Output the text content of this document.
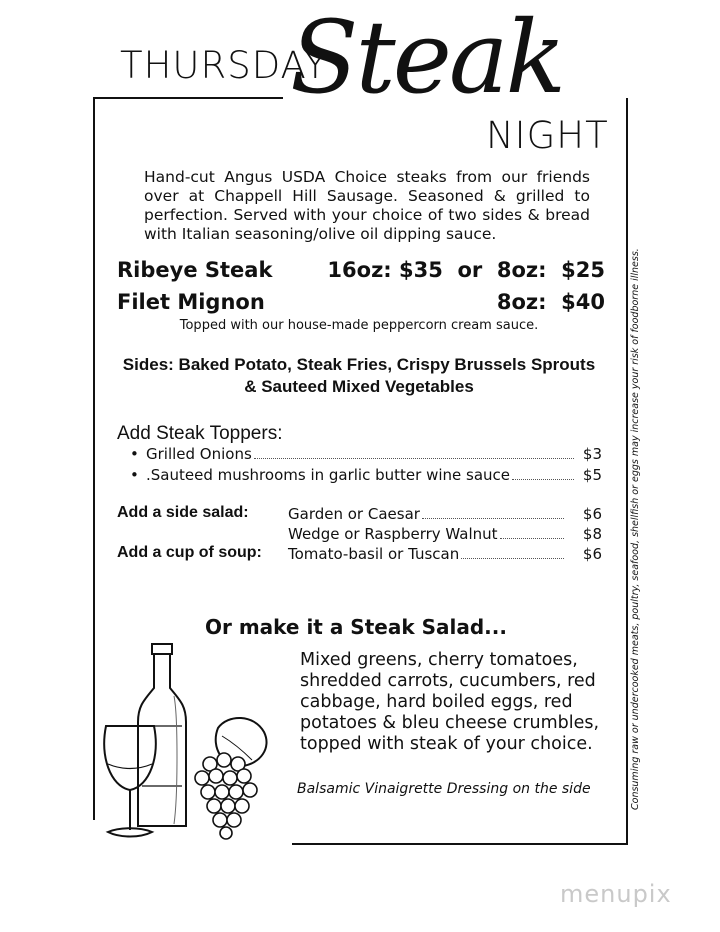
THURSDAY
Steak
NIGHT
Hand-cut Angus USDA Choice steaks from our friends over at Chappell Hill Sausage. Seasoned & grilled to perfection. Served with your choice of two sides & bread with Italian seasoning/olive oil dipping sauce.
Ribeye Steak	16oz: $35  or  8oz:  $25
Filet Mignon	8oz:  $40
Topped with our house-made peppercorn cream sauce.
Sides: Baked Potato, Steak Fries, Crispy Brussels Sprouts
& Sauteed Mixed Vegetables
Add Steak Toppers:
• Grilled Onions	$3
• .Sauteed mushrooms in garlic butter wine sauce	$5
Add a side salad:
Add a cup of soup:
Garden or Caesar	$6
Wedge or Raspberry Walnut	$8
Tomato-basil or Tuscan	$6
Or make it a Steak Salad...
Mixed greens, cherry tomatoes, shredded carrots, cucumbers, red cabbage, hard boiled eggs, red potatoes & bleu cheese crumbles, topped with steak of your choice.
Balsamic Vinaigrette Dressing on the side	Consuming raw or undercooked meats, poultry, seafood, shellfish or eggs may increase your risk of foodborne illness.
menupix
